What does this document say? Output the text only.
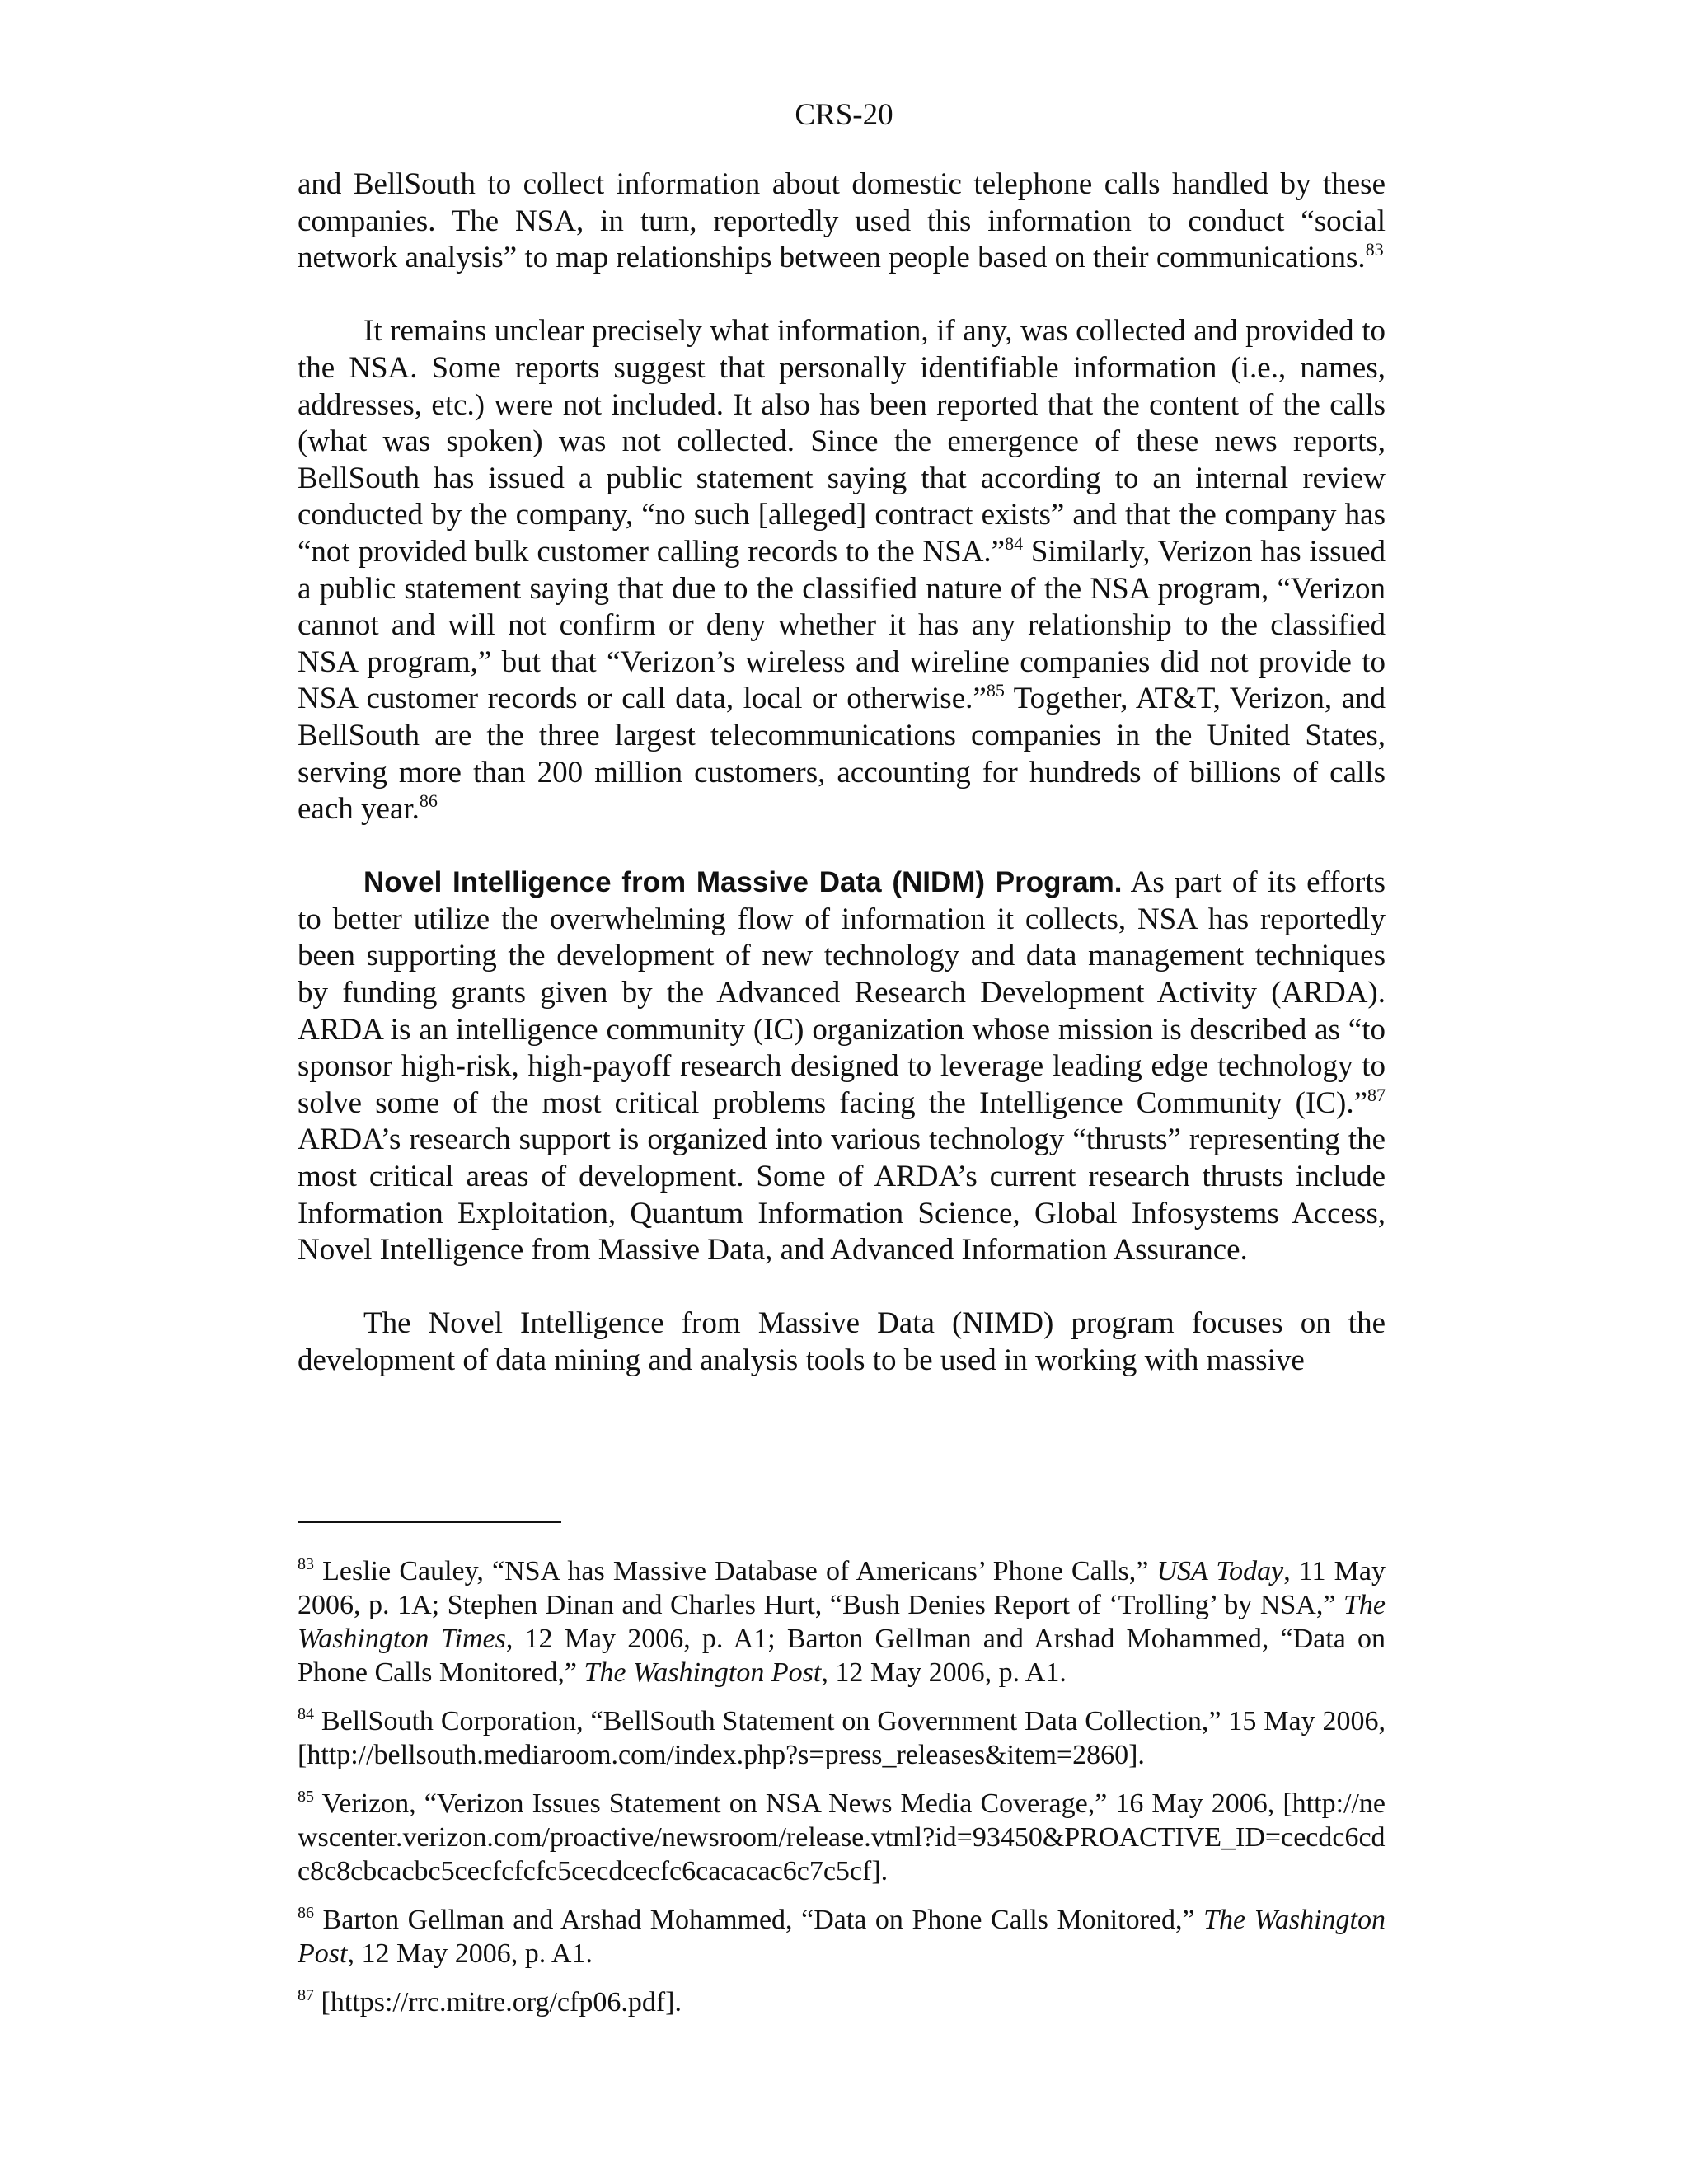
CRS-20

and BellSouth to collect information about domestic telephone calls handled by these companies. The NSA, in turn, reportedly used this information to conduct “social network analysis” to map relationships between people based on their communications.$^{83}$

It remains unclear precisely what information, if any, was collected and provided to the NSA. Some reports suggest that personally identifiable information (i.e., names, addresses, etc.) were not included. It also has been reported that the content of the calls (what was spoken) was not collected. Since the emergence of these news reports, BellSouth has issued a public statement saying that according to an internal review conducted by the company, “no such [alleged] contract exists” and that the company has “not provided bulk customer calling records to the NSA.”$^{84}$ Similarly, Verizon has issued a public statement saying that due to the classified nature of the NSA program, “Verizon cannot and will not confirm or deny whether it has any relationship to the classified NSA program,” but that “Verizon’s wireless and wireline companies did not provide to NSA customer records or call data, local or otherwise.”$^{85}$ Together, AT&T, Verizon, and BellSouth are the three largest telecommunications companies in the United States, serving more than 200 million customers, accounting for hundreds of billions of calls each year.$^{86}$

Novel Intelligence from Massive Data (NIDM) Program. As part of its efforts to better utilize the overwhelming flow of information it collects, NSA has reportedly been supporting the development of new technology and data management techniques by funding grants given by the Advanced Research Development Activity (ARDA). ARDA is an intelligence community (IC) organization whose mission is described as “to sponsor high-risk, high-payoff research designed to leverage leading edge technology to solve some of the most critical problems facing the Intelligence Community (IC).”$^{87}$ ARDA’s research support is organized into various technology “thrusts” representing the most critical areas of development. Some of ARDA’s current research thrusts include Information Exploitation, Quantum Information Science, Global Infosystems Access, Novel Intelligence from Massive Data, and Advanced Information Assurance.

The Novel Intelligence from Massive Data (NIMD) program focuses on the development of data mining and analysis tools to be used in working with massive

$^{83}$ Leslie Cauley, “NSA has Massive Database of Americans’ Phone Calls,” USA Today, 11 May 2006, p. 1A; Stephen Dinan and Charles Hurt, “Bush Denies Report of ‘Trolling’ by NSA,” The Washington Times, 12 May 2006, p. A1; Barton Gellman and Arshad Mohammed, “Data on Phone Calls Monitored,” The Washington Post, 12 May 2006, p. A1.
$^{84}$ BellSouth Corporation, “BellSouth Statement on Government Data Collection,” 15 May 2006, [http://bellsouth.mediaroom.com/index.php?s=press_releases&item=2860].
$^{85}$ Verizon, “Verizon Issues Statement on NSA News Media Coverage,” 16 May 2006, [http://newscenter.verizon.com/proactive/newsroom/release.vtml?id=93450&PROACTIVE_ID=cecdc6cdc8c8cbcacbc5cecfcfcfc5cecdcecfc6cacacac6c7c5cf].
$^{86}$ Barton Gellman and Arshad Mohammed, “Data on Phone Calls Monitored,” The Washington Post, 12 May 2006, p. A1.
$^{87}$ [https://rrc.mitre.org/cfp06.pdf].
